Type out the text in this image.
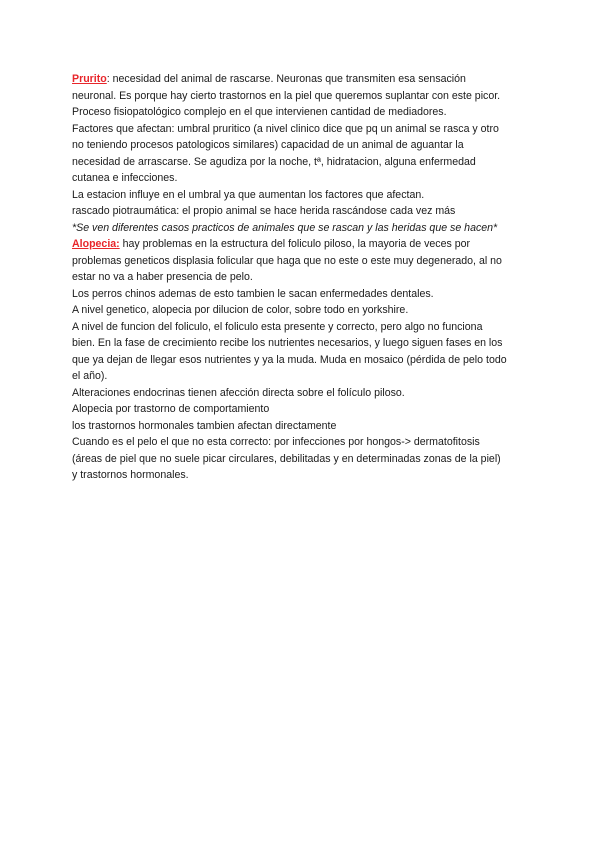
Prurito: necesidad del animal de rascarse. Neuronas que transmiten esa sensación

neuronal. Es porque hay cierto trastornos en la piel que queremos suplantar con este picor.

Proceso fisiopatológico complejo en el que intervienen cantidad de mediadores.

Factores que afectan: umbral pruritico (a nivel clinico dice que pq un animal se rasca y otro

no teniendo procesos patologicos similares) capacidad de un animal de aguantar la

necesidad de arrascarse. Se agudiza por la noche, tª, hidratacion, alguna enfermedad

cutanea e infecciones.

La estacion influye en el umbral ya que aumentan los factores que afectan.

rascado piotraumática: el propio animal se hace herida rascándose cada vez más

*Se ven diferentes casos practicos de animales que se rascan y las heridas que se hacen*

Alopecia: hay problemas en la estructura del foliculo piloso, la mayoria de veces por

problemas geneticos displasia folicular que haga que no este o este muy degenerado, al no

estar no va a haber presencia de pelo.

Los perros chinos ademas de esto tambien le sacan enfermedades dentales.

A nivel genetico, alopecia por dilucion de color, sobre todo en yorkshire.

A nivel de funcion del foliculo, el foliculo esta presente y correcto, pero algo no funciona

bien. En la fase de crecimiento recibe los nutrientes necesarios, y luego siguen fases en los

que ya dejan de llegar esos nutrientes y ya la muda. Muda en mosaico (pérdida de pelo todo

el año).

Alteraciones endocrinas tienen afección directa sobre el folículo piloso.

Alopecia por trastorno de comportamiento

los trastornos hormonales tambien afectan directamente

Cuando es el pelo el que no esta correcto: por infecciones por hongos-> dermatofitosis

(áreas de piel que no suele picar circulares, debilitadas y en determinadas zonas de la piel)

y trastornos hormonales.
